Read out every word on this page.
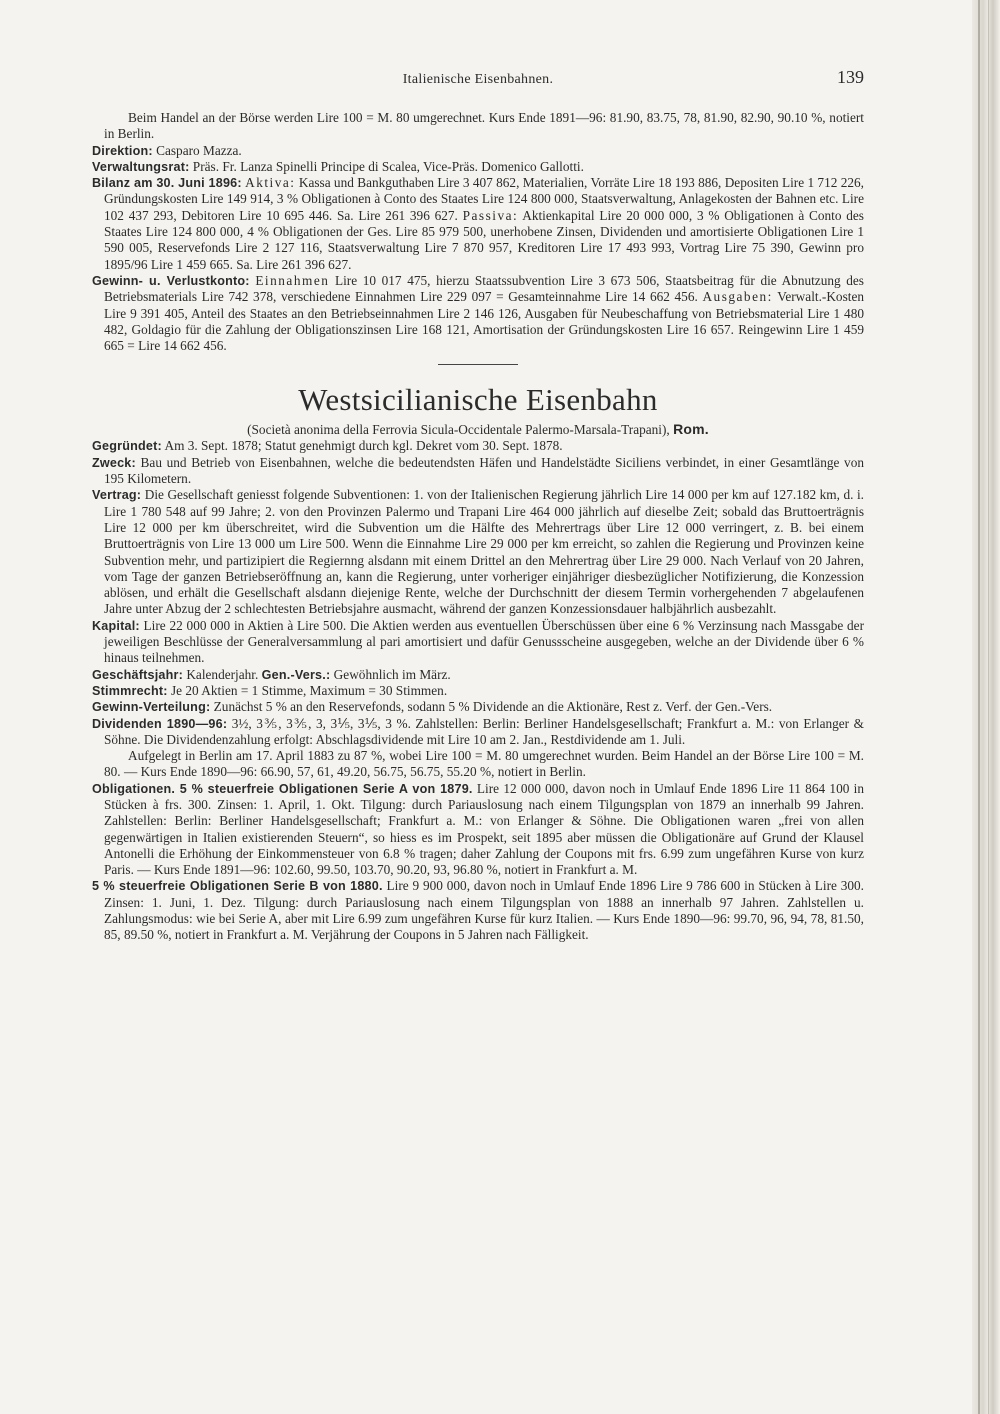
Italienische Eisenbahnen.	139

Beim Handel an der Börse werden Lire 100 = M. 80 umgerechnet. Kurs Ende 1891—96: 81.90, 83.75, 78, 81.90, 82.90, 90.10 %, notiert in Berlin.

Direktion: Casparo Mazza.

Verwaltungsrat: Präs. Fr. Lanza Spinelli Principe di Scalea, Vice-Präs. Domenico Gallotti.

Bilanz am 30. Juni 1896: Aktiva: Kassa und Bankguthaben Lire 3 407 862, Materialien, Vorräte Lire 18 193 886, Depositen Lire 1 712 226, Gründungskosten Lire 149 914, 3 % Obligationen à Conto des Staates Lire 124 800 000, Staatsverwaltung, Anlagekosten der Bahnen etc. Lire 102 437 293, Debitoren Lire 10 695 446. Sa. Lire 261 396 627. Passiva: Aktienkapital Lire 20 000 000, 3 % Obligationen à Conto des Staates Lire 124 800 000, 4 % Obligationen der Ges. Lire 85 979 500, unerhobene Zinsen, Dividenden und amortisierte Obligationen Lire 1 590 005, Reservefonds Lire 2 127 116, Staatsverwaltung Lire 7 870 957, Kreditoren Lire 17 493 993, Vortrag Lire 75 390, Gewinn pro 1895/96 Lire 1 459 665. Sa. Lire 261 396 627.

Gewinn- u. Verlustkonto: Einnahmen Lire 10 017 475, hierzu Staatssubvention Lire 3 673 506, Staatsbeitrag für die Abnutzung des Betriebsmaterials Lire 742 378, verschiedene Einnahmen Lire 229 097 = Gesamteinnahme Lire 14 662 456. Ausgaben: Verwalt.-Kosten Lire 9 391 405, Anteil des Staates an den Betriebseinnahmen Lire 2 146 126, Ausgaben für Neubeschaffung von Betriebsmaterial Lire 1 480 482, Goldagio für die Zahlung der Obligationszinsen Lire 168 121, Amortisation der Gründungskosten Lire 16 657. Reingewinn Lire 1 459 665 = Lire 14 662 456.

Westsicilianische Eisenbahn

(Società anonima della Ferrovia Sicula-Occidentale Palermo-Marsala-Trapani), Rom.

Gegründet: Am 3. Sept. 1878; Statut genehmigt durch kgl. Dekret vom 30. Sept. 1878.

Zweck: Bau und Betrieb von Eisenbahnen, welche die bedeutendsten Häfen und Handelstädte Siciliens verbindet, in einer Gesamtlänge von 195 Kilometern.

Vertrag: Die Gesellschaft geniesst folgende Subventionen: 1. von der Italienischen Regierung jährlich Lire 14 000 per km auf 127.182 km, d. i. Lire 1 780 548 auf 99 Jahre; 2. von den Provinzen Palermo und Trapani Lire 464 000 jährlich auf dieselbe Zeit; sobald das Bruttoerträgnis Lire 12 000 per km überschreitet, wird die Subvention um die Hälfte des Mehrertrags über Lire 12 000 verringert, z. B. bei einem Bruttoerträgnis von Lire 13 000 um Lire 500. Wenn die Einnahme Lire 29 000 per km erreicht, so zahlen die Regierung und Provinzen keine Subvention mehr, und partizipiert die Regiernng alsdann mit einem Drittel an den Mehrertrag über Lire 29 000. Nach Verlauf von 20 Jahren, vom Tage der ganzen Betriebseröffnung an, kann die Regierung, unter vorheriger einjähriger diesbezüglicher Notifizierung, die Konzession ablösen, und erhält die Gesellschaft alsdann diejenige Rente, welche der Durchschnitt der diesem Termin vorhergehenden 7 abgelaufenen Jahre unter Abzug der 2 schlechtesten Betriebsjahre ausmacht, während der ganzen Konzessionsdauer halbjährlich ausbezahlt.

Kapital: Lire 22 000 000 in Aktien à Lire 500. Die Aktien werden aus eventuellen Überschüssen über eine 6 % Verzinsung nach Massgabe der jeweiligen Beschlüsse der Generalversammlung al pari amortisiert und dafür Genussscheine ausgegeben, welche an der Dividende über 6 % hinaus teilnehmen.

Geschäftsjahr: Kalenderjahr. Gen.-Vers.: Gewöhnlich im März.

Stimmrecht: Je 20 Aktien = 1 Stimme, Maximum = 30 Stimmen.

Gewinn-Verteilung: Zunächst 5 % an den Reservefonds, sodann 5 % Dividende an die Aktionäre, Rest z. Verf. der Gen.-Vers.

Dividenden 1890—96: 3½, 3⅗, 3⅗, 3, 3⅕, 3⅕, 3 %. Zahlstellen: Berlin: Berliner Handelsgesellschaft; Frankfurt a. M.: von Erlanger & Söhne. Die Dividendenzahlung erfolgt: Abschlagsdividende mit Lire 10 am 2. Jan., Restdividende am 1. Juli.

Aufgelegt in Berlin am 17. April 1883 zu 87 %, wobei Lire 100 = M. 80 umgerechnet wurden. Beim Handel an der Börse Lire 100 = M. 80. — Kurs Ende 1890—96: 66.90, 57, 61, 49.20, 56.75, 56.75, 55.20 %, notiert in Berlin.

Obligationen. 5 % steuerfreie Obligationen Serie A von 1879. Lire 12 000 000, davon noch in Umlauf Ende 1896 Lire 11 864 100 in Stücken à frs. 300. Zinsen: 1. April, 1. Okt. Tilgung: durch Pariauslosung nach einem Tilgungsplan von 1879 an innerhalb 99 Jahren. Zahlstellen: Berlin: Berliner Handelsgesellschaft; Frankfurt a. M.: von Erlanger & Söhne. Die Obligationen waren „frei von allen gegenwärtigen in Italien existierenden Steuern“, so hiess es im Prospekt, seit 1895 aber müssen die Obligationäre auf Grund der Klausel Antonelli die Erhöhung der Einkommensteuer von 6.8 % tragen; daher Zahlung der Coupons mit frs. 6.99 zum ungefähren Kurse von kurz Paris. — Kurs Ende 1891—96: 102.60, 99.50, 103.70, 90.20, 93, 96.80 %, notiert in Frankfurt a. M.

5 % steuerfreie Obligationen Serie B von 1880. Lire 9 900 000, davon noch in Umlauf Ende 1896 Lire 9 786 600 in Stücken à Lire 300. Zinsen: 1. Juni, 1. Dez. Tilgung: durch Pariauslosung nach einem Tilgungsplan von 1888 an innerhalb 97 Jahren. Zahlstellen u. Zahlungsmodus: wie bei Serie A, aber mit Lire 6.99 zum ungefähren Kurse für kurz Italien. — Kurs Ende 1890—96: 99.70, 96, 94, 78, 81.50, 85, 89.50 %, notiert in Frankfurt a. M. Verjährung der Coupons in 5 Jahren nach Fälligkeit.
